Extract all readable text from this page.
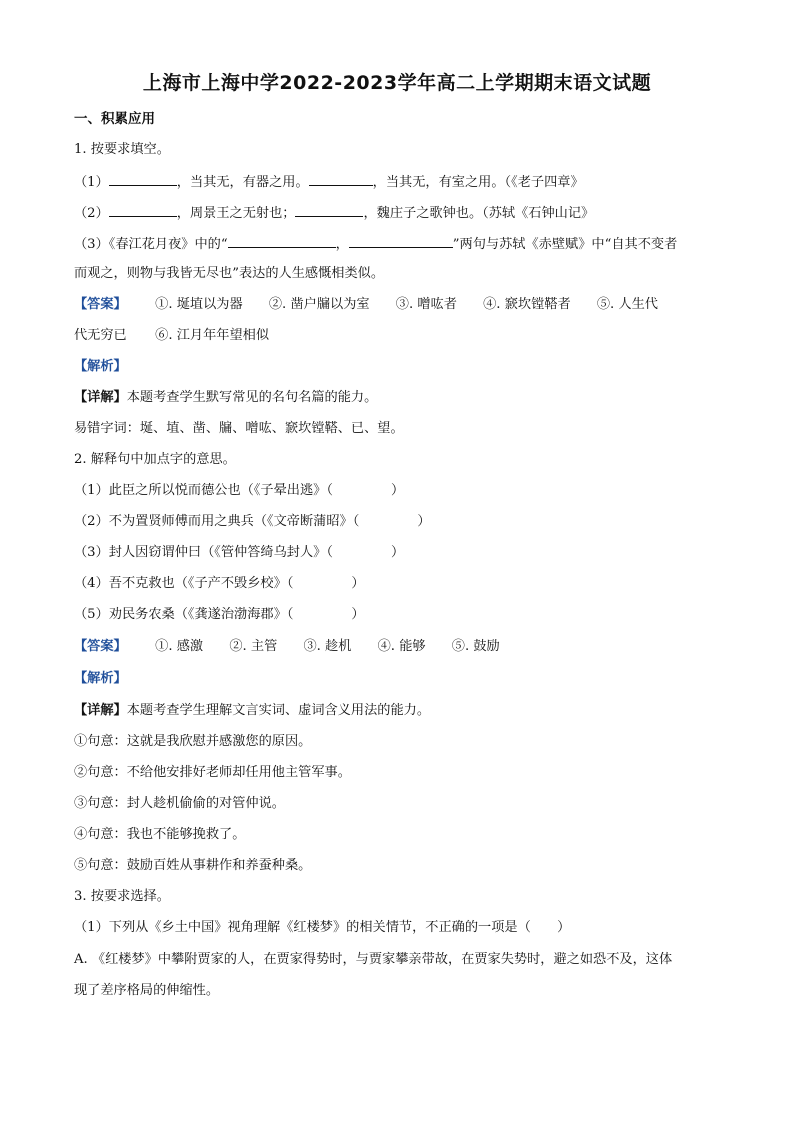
上海市上海中学2022-2023学年高二上学期期末语文试题
一、积累应用
1. 按要求填空。
（1）	，当其无，有器之用。	，当其无，有室之用。（《老子四章》
（2）	，周景王之无射也；	，魏庄子之歌钟也。（苏轼《石钟山记》
（3）《春江花月夜》中的“	，	”两句与苏轼《赤壁赋》中“自其不变者
而观之，则物与我皆无尽也”表达的人生感慨相类似。
【答案】 ①. 埏埴以为器 ②. 凿户牖以为室 ③. 噌吰者 ④. 窾坎镗鞳者 ⑤. 人生代
代无穷已 ⑥. 江月年年望相似
【解析】
【详解】本题考查学生默写常见的名句名篇的能力。
易错字词：埏、埴、凿、牖、噌吰、窾坎镗鞳、已、望。
2. 解释句中加点字的意思。
（1）此臣之所以悦而德公也（《子晕出逃》（	）
（2）不为置贤师傅而用之典兵（《文帝断蒲昭》（	）
（3）封人因窃谓仲曰（《管仲答绮乌封人》（	）
（4）吾不克救也（《子产不毁乡校》（	）
（5）劝民务农桑（《龚遂治渤海郡》（	）
【答案】 ①. 感激 ②. 主管 ③. 趁机 ④. 能够 ⑤. 鼓励
【解析】
【详解】本题考查学生理解文言实词、虚词含义用法的能力。
①句意：这就是我欣慰并感激您的原因。
②句意：不给他安排好老师却任用他主管军事。
③句意：封人趁机偷偷的对管仲说。
④句意：我也不能够挽救了。
⑤句意：鼓励百姓从事耕作和养蚕种桑。
3. 按要求选择。
（1）下列从《乡土中国》视角理解《红楼梦》的相关情节，不正确的一项是（　　）
A. 《红楼梦》中攀附贾家的人，在贾家得势时，与贾家攀亲带故，在贾家失势时，避之如恐不及，这体
现了差序格局的伸缩性。
